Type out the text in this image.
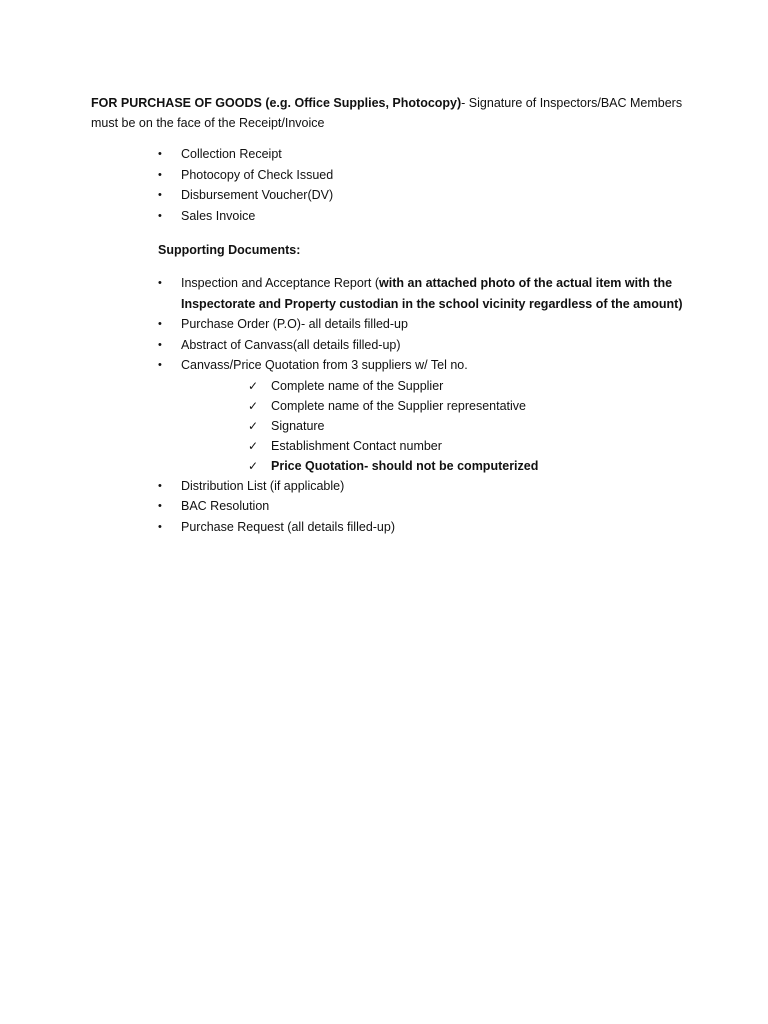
FOR PURCHASE OF GOODS (e.g. Office Supplies, Photocopy)- Signature of Inspectors/BAC Members must be on the face of the Receipt/Invoice
• Collection Receipt
• Photocopy of Check Issued
• Disbursement Voucher(DV)
• Sales Invoice
Supporting Documents:
• Inspection and Acceptance Report (with an attached photo of the actual item with the Inspectorate and Property custodian in the school vicinity regardless of the amount)
• Purchase Order (P.O)- all details filled-up
• Abstract of Canvass(all details filled-up)
• Canvass/Price Quotation from 3 suppliers w/ Tel no.
✓ Complete name of the Supplier
✓ Complete name of the Supplier representative
✓ Signature
✓ Establishment Contact number
✓ Price Quotation- should not be computerized
• Distribution List (if applicable)
• BAC Resolution
• Purchase Request (all details filled-up)
